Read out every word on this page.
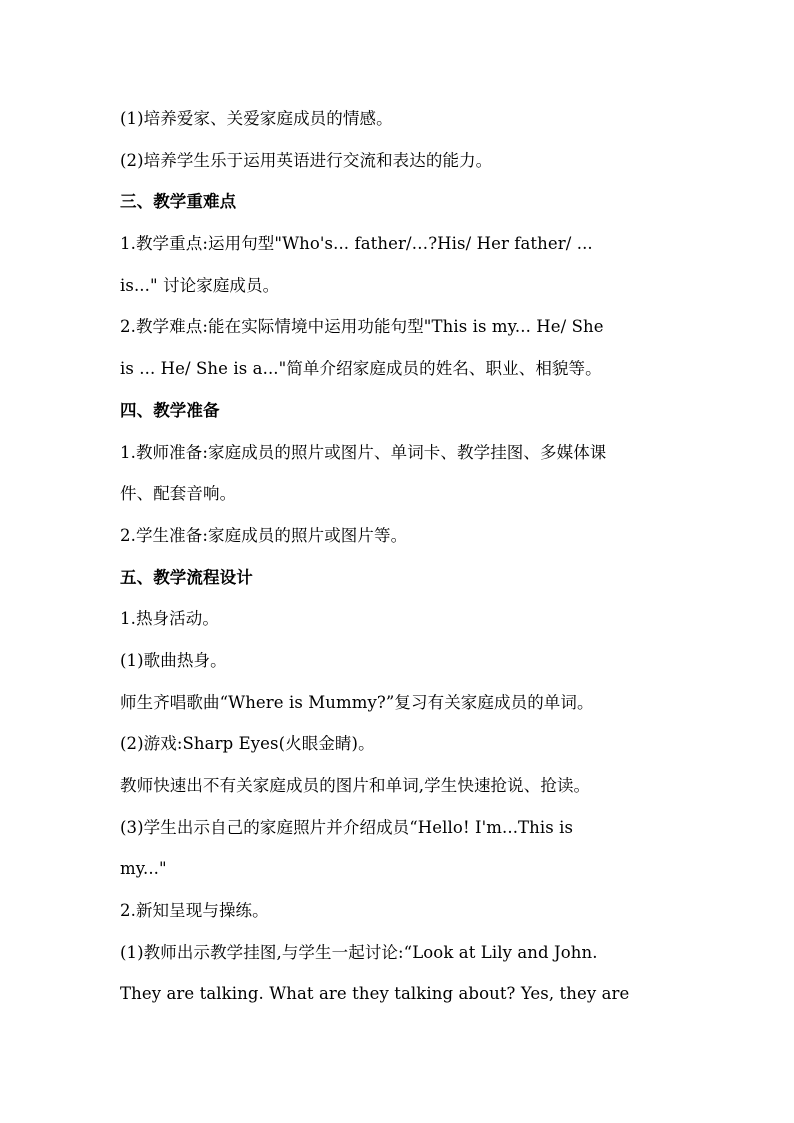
(1)培养爱家、关爱家庭成员的情感。
(2)培养学生乐于运用英语进行交流和表达的能力。
三、教学重难点
1.教学重点:运用句型"Who's... father/…?His/ Her father/ ...
is..." 讨论家庭成员。
2.教学难点:能在实际情境中运用功能句型"This is my... He/ She
is ... He/ She is a..."简单介绍家庭成员的姓名、职业、相貌等。
四、教学准备
1.教师准备:家庭成员的照片或图片、单词卡、教学挂图、多媒体课
件、配套音响。
2.学生准备:家庭成员的照片或图片等。
五、教学流程设计
1.热身活动。
(1)歌曲热身。
师生齐唱歌曲“Where is Mummy?”复习有关家庭成员的单词。
(2)游戏:Sharp Eyes(火眼金睛)。
教师快速出不有关家庭成员的图片和单词,学生快速抢说、抢读。
(3)学生出示自己的家庭照片并介绍成员“Hello! I'm...This is
my..."
2.新知呈现与操练。
(1)教师出示教学挂图,与学生一起讨论:“Look at Lily and John.
They are talking. What are they talking about? Yes, they are
